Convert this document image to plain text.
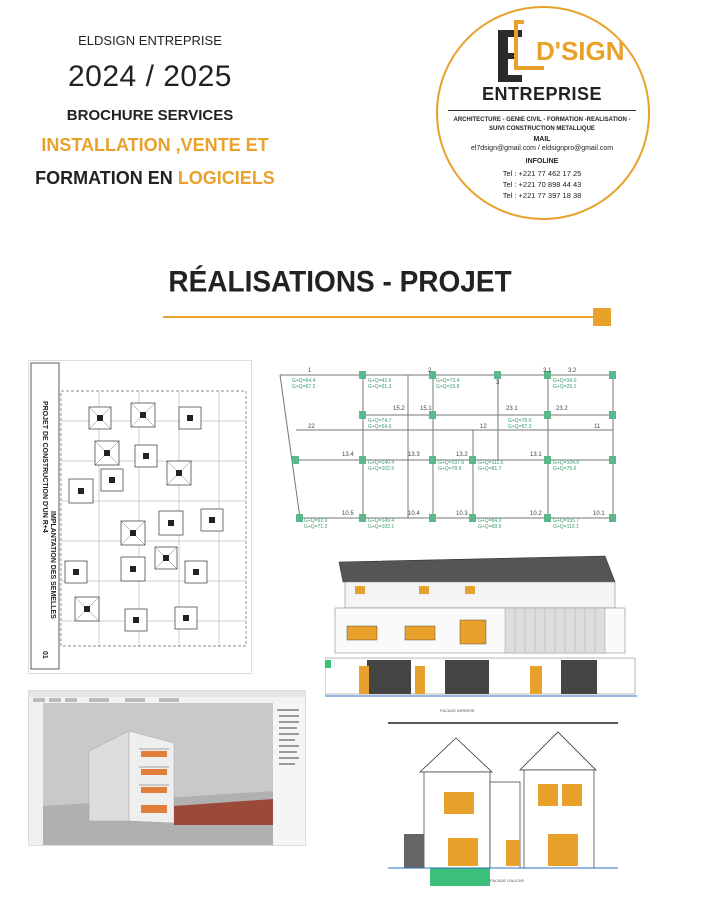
ELDSIGN ENTREPRISE
2024 / 2025
BROCHURE SERVICES
INSTALLATION ,VENTE ET
FORMATION EN LOGICIELS
D'SIGN
ENTREPRISE
ARCHITECTURE - GENIE CIVIL - FORMATION -REALISATION - SUIVI CONSTRUCTION METALLIQUE
MAIL
el7dsign@gmail.com / eldsignpro@gmail.com
INFOLINE
Tel : +221 77 462 17 25
Tel : +221 70 898 44 43
Tel : +221 77 397 18 38
RÉALISATIONS - PROJET
PROJET DE CONSTRUCTION D'UN R+4
IMPLANTATION DES SEMELLES
01
G+Q=64.4
G+Q=67.2
G+Q=42.6
G+Q=31.3
G+Q=73.4
G+Q=15.8
G+Q=34.0
G+Q=25.1
G+Q=74.7
G+Q=54.6
G+Q=78.0
G+Q=57.3
G+Q=140.4
G+Q=102.5
G+Q=197.6
G+Q=78.9
G+Q=111.5
G+Q=81.7
G+Q=104.0
G+Q=75.6
G+Q=92.6
G+Q=71.2
G+Q=149.4
G+Q=102.1
G+Q=84.0
G+Q=68.9
G+Q=155.7
G+Q=113.1
1	2
3
3.1	3.2
15.2	15.1	23.1	23.2
22	12	11
13.4	13.3	13.2	13.1
10.5	10.4	10.3	10.2	10.1
FACADE ARRIERE
FACADE GAUCHE
